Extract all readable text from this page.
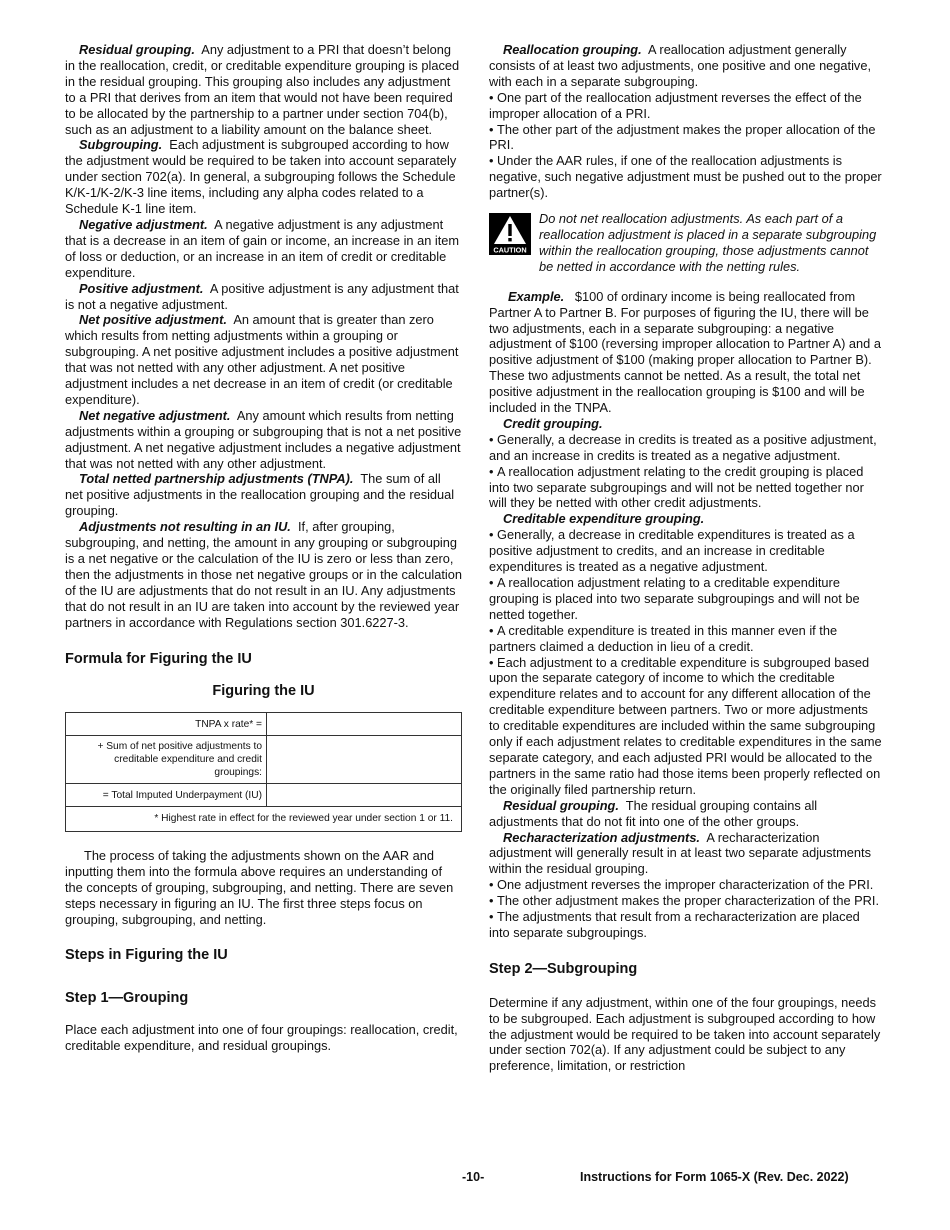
Residual grouping. Any adjustment to a PRI that doesn’t belong in the reallocation, credit, or creditable expenditure grouping is placed in the residual grouping. This grouping also includes any adjustment to a PRI that derives from an item that would not have been required to be allocated by the partnership to a partner under section 704(b), such as an adjustment to a liability amount on the balance sheet.

Subgrouping. Each adjustment is subgrouped according to how the adjustment would be required to be taken into account separately under section 702(a). In general, a subgrouping follows the Schedule K/K-1/K-2/K-3 line items, including any alpha codes related to a Schedule K-1 line item.

Negative adjustment. A negative adjustment is any adjustment that is a decrease in an item of gain or income, an increase in an item of loss or deduction, or an increase in an item of credit or creditable expenditure.

Positive adjustment. A positive adjustment is any adjustment that is not a negative adjustment.

Net positive adjustment. An amount that is greater than zero which results from netting adjustments within a grouping or subgrouping. A net positive adjustment includes a positive adjustment that was not netted with any other adjustment. A net positive adjustment includes a net decrease in an item of credit (or creditable expenditure).

Net negative adjustment. Any amount which results from netting adjustments within a grouping or subgrouping that is not a net positive adjustment. A net negative adjustment includes a negative adjustment that was not netted with any other adjustment.

Total netted partnership adjustments (TNPA). The sum of all net positive adjustments in the reallocation grouping and the residual grouping.

Adjustments not resulting in an IU. If, after grouping, subgrouping, and netting, the amount in any grouping or subgrouping is a net negative or the calculation of the IU is zero or less than zero, then the adjustments in those net negative groups or in the calculation of the IU are adjustments that do not result in an IU. Any adjustments that do not result in an IU are taken into account by the reviewed year partners in accordance with Regulations section 301.6227-3.

Formula for Figuring the IU

Figuring the IU

TNPA x rate* =	
+ Sum of net positive adjustments to creditable expenditure and credit groupings:	
= Total Imputed Underpayment (IU)	
* Highest rate in effect for the reviewed year under section 1 or 11.	

The process of taking the adjustments shown on the AAR and inputting them into the formula above requires an understanding of the concepts of grouping, subgrouping, and netting. There are seven steps necessary in figuring an IU. The first three steps focus on grouping, subgrouping, and netting.

Steps in Figuring the IU
Step 1—Grouping

Place each adjustment into one of four groupings: reallocation, credit, creditable expenditure, and residual groupings.

Reallocation grouping. A reallocation adjustment generally consists of at least two adjustments, one positive and one negative, with each in a separate subgrouping.

• One part of the reallocation adjustment reverses the effect of the improper allocation of a PRI.

• The other part of the adjustment makes the proper allocation of the PRI.

• Under the AAR rules, if one of the reallocation adjustments is negative, such negative adjustment must be pushed out to the proper partner(s).

CAUTION

Do not net reallocation adjustments. As each part of a reallocation adjustment is placed in a separate subgrouping within the reallocation grouping, those adjustments cannot be netted in accordance with the netting rules.

Example. $100 of ordinary income is being reallocated from Partner A to Partner B. For purposes of figuring the IU, there will be two adjustments, each in a separate subgrouping: a negative adjustment of $100 (reversing improper allocation to Partner A) and a positive adjustment of $100 (making proper allocation to Partner B). These two adjustments cannot be netted. As a result, the total net positive adjustment in the reallocation grouping is $100 and will be included in the TNPA.

Credit grouping.

• Generally, a decrease in credits is treated as a positive adjustment, and an increase in credits is treated as a negative adjustment.

• A reallocation adjustment relating to the credit grouping is placed into two separate subgroupings and will not be netted together nor will they be netted with other credit adjustments.

Creditable expenditure grouping.

• Generally, a decrease in creditable expenditures is treated as a positive adjustment to credits, and an increase in creditable expenditures is treated as a negative adjustment.

• A reallocation adjustment relating to a creditable expenditure grouping is placed into two separate subgroupings and will not be netted together.

• A creditable expenditure is treated in this manner even if the partners claimed a deduction in lieu of a credit.

• Each adjustment to a creditable expenditure is subgrouped based upon the separate category of income to which the creditable expenditure relates and to account for any different allocation of the creditable expenditure between partners. Two or more adjustments to creditable expenditures are included within the same subgrouping only if each adjustment relates to creditable expenditures in the same separate category, and each adjusted PRI would be allocated to the partners in the same ratio had those items been properly reflected on the originally filed partnership return.

Residual grouping. The residual grouping contains all adjustments that do not fit into one of the other groups.

Recharacterization adjustments. A recharacterization adjustment will generally result in at least two separate adjustments within the residual grouping.

• One adjustment reverses the improper characterization of the PRI.

• The other adjustment makes the proper characterization of the PRI.

• The adjustments that result from a recharacterization are placed into separate subgroupings.

Step 2—Subgrouping

Determine if any adjustment, within one of the four groupings, needs to be subgrouped. Each adjustment is subgrouped according to how the adjustment would be required to be taken into account separately under section 702(a). If any adjustment could be subject to any preference, limitation, or restriction

-10-	Instructions for Form 1065-X (Rev. Dec. 2022)
